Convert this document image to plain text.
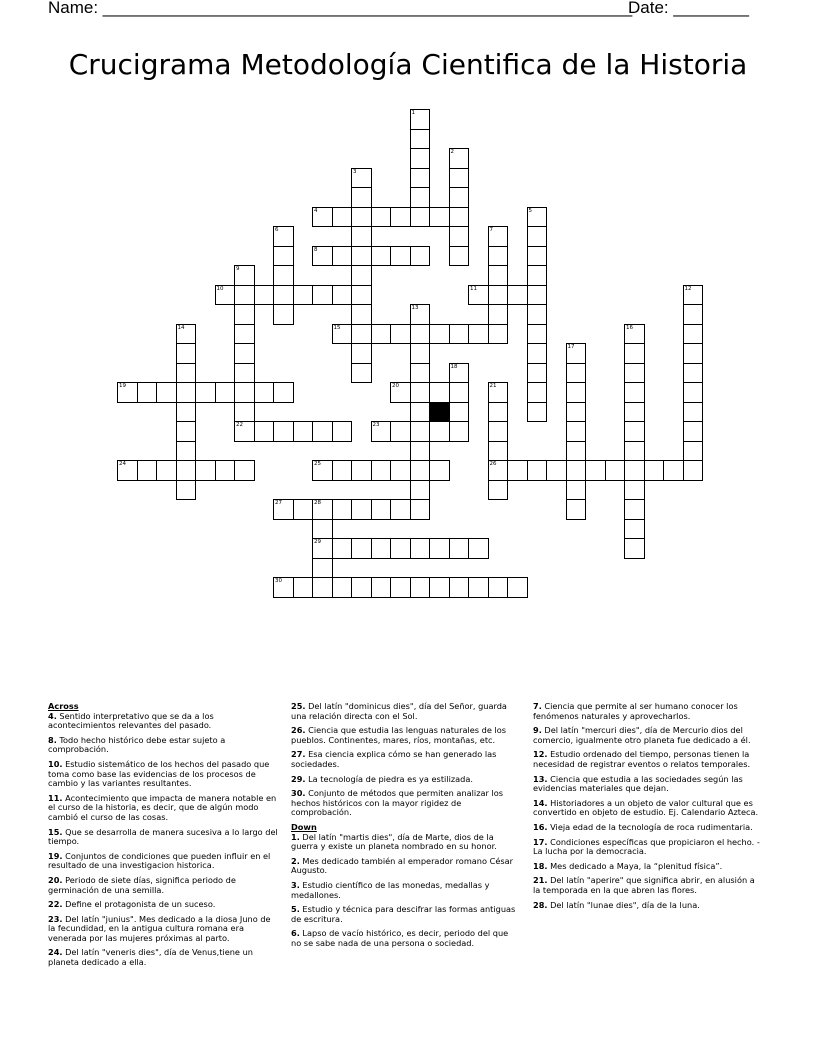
Name: ________________________________________________________
Date: ________
Crucigrama Metodología Cientifica de la Historia
1
2
3
4	5
6	7
8
9
22
10	11	12
13
14	15	16
17
18
19	20	21
26
23
24	25
27	28
29
30

Across

4. Sentido interpretativo que se da a los acontecimientos relevantes del pasado.
8. Todo hecho histórico debe estar sujeto a comprobación.
10. Estudio sistemático de los hechos del pasado que toma como base las evidencias de los procesos de cambio y las variantes resultantes.
11. Acontecimiento que impacta de manera notable en el curso de la historia, es decir, que de algún modo cambió el curso de las cosas.
15. Que se desarrolla de manera sucesiva a lo largo del tiempo.
19. Conjuntos de condiciones que pueden influir en el resultado de una investigacion historica.
20. Periodo de siete días, significa periodo de germinación de una semilla.
22. Define el protagonista de un suceso.
23. Del latín "junius". Mes dedicado a la diosa Juno de la fecundidad, en la antigua cultura romana era venerada por las mujeres próximas al parto.
24. Del latín "veneris dies", día de Venus,tiene un planeta dedicado a ella.
25. Del latín "dominicus dies", día del Señor, guarda una relación directa con el Sol.
26. Ciencia que estudia las lenguas naturales de los pueblos. Continentes, mares, ríos, montañas, etc.
27. Esa ciencia explica cómo se han generado las sociedades.
29. La tecnología de piedra es ya estilizada.
30. Conjunto de métodos que permiten analizar los hechos históricos con la mayor rigidez de comprobación.

Down

1. Del latín "martis dies", día de Marte, dios de la guerra y existe un planeta nombrado en su honor.
2. Mes dedicado también al emperador romano César Augusto.
3. Estudio científico de las monedas, medallas y medallones.
5. Estudio y técnica para descifrar las formas antiguas de escritura.
6. Lapso de vacío histórico, es decir, periodo del que no se sabe nada de una persona o sociedad.
7. Ciencia que permite al ser humano conocer los fenómenos naturales y aprovecharlos.
9. Del latín "mercuri dies", día de Mercurio dios del comercio, igualmente otro planeta fue dedicado a él.
12. Estudio ordenado del tiempo, personas tienen la necesidad de registrar eventos o relatos temporales.
13. Ciencia que estudia a las sociedades según las evidencias materiales que dejan.
14. Historiadores a un objeto de valor cultural que es convertido en objeto de estudio. Ej. Calendario Azteca.
16. Vieja edad de la tecnología de roca rudimentaria.
17. Condiciones específicas que propiciaron el hecho. -La lucha por la democracia.
18. Mes dedicado a Maya, la “plenitud física”.
21. Del latín "aperire" que significa abrir, en alusión a la temporada en la que abren las flores.
28. Del latín "lunae dies", día de la luna.
